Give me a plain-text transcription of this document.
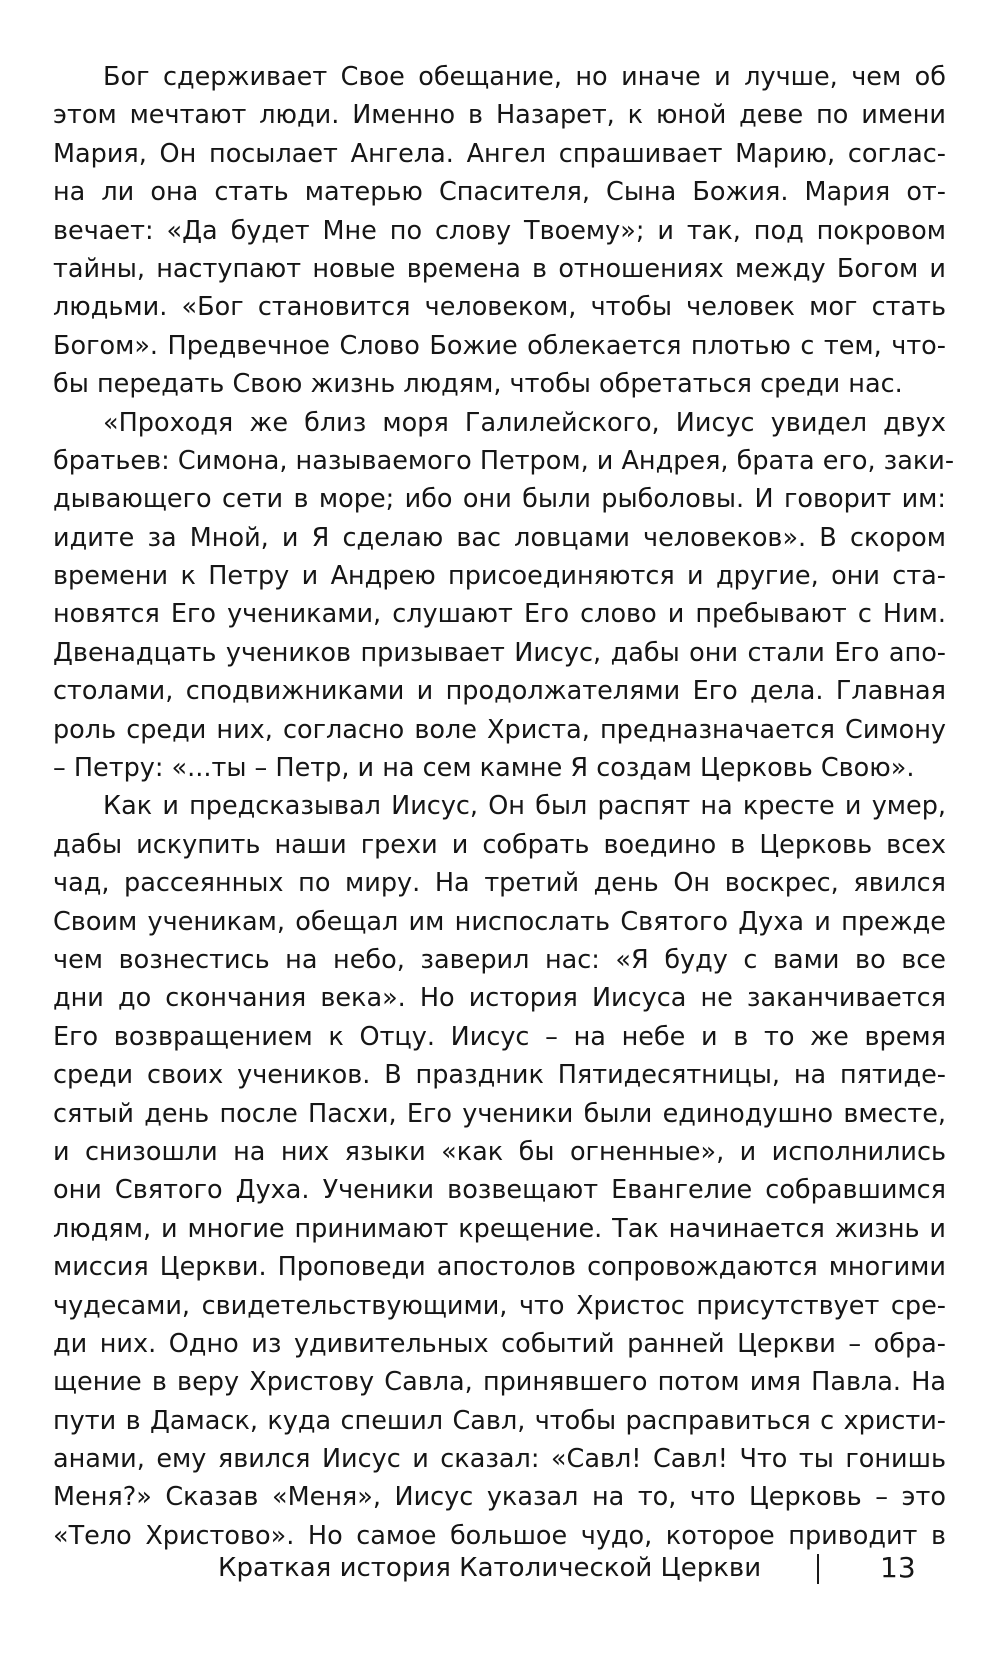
Бог сдерживает Свое обещание, но иначе и лучше, чем об
этом мечтают люди. Именно в Назарет, к юной деве по имени
Мария, Он посылает Ангела. Ангел спрашивает Марию, соглас-
на ли она стать матерью Спасителя, Сына Божия. Мария от-
вечает: «Да будет Мне по слову Твоему»; и так, под покровом
тайны, наступают новые времена в отношениях между Богом и
людьми. «Бог становится человеком, чтобы человек мог стать
Богом». Предвечное Слово Божие облекается плотью с тем, что-
бы передать Свою жизнь людям, чтобы обретаться среди нас.
«Проходя же близ моря Галилейского, Иисус увидел двух
братьев: Симона, называемого Петром, и Андрея, брата его, заки-
дывающего сети в море; ибо они были рыболовы. И говорит им:
идите за Мной, и Я сделаю вас ловцами человеков». В скором
времени к Петру и Андрею присоединяются и другие, они ста-
новятся Его учениками, слушают Его слово и пребывают с Ним.
Двенадцать учеников призывает Иисус, дабы они стали Его апо-
столами, сподвижниками и продолжателями Его дела. Главная
роль среди них, согласно воле Христа, предназначается Симону
– Петру: «...ты – Петр, и на сем камне Я создам Церковь Свою».
Как и предсказывал Иисус, Он был распят на кресте и умер,
дабы искупить наши грехи и собрать воедино в Церковь всех
чад, рассеянных по миру. На третий день Он воскрес, явился
Своим ученикам, обещал им ниспослать Святого Духа и прежде
чем вознестись на небо, заверил нас: «Я буду с вами во все
дни до скончания века». Но история Иисуса не заканчивается
Его возвращением к Отцу. Иисус – на небе и в то же время
среди своих учеников. В праздник Пятидесятницы, на пятиде-
сятый день после Пасхи, Его ученики были единодушно вместе,
и снизошли на них языки «как бы огненные», и исполнились
они Святого Духа. Ученики возвещают Евангелие собравшимся
людям, и многие принимают крещение. Так начинается жизнь и
миссия Церкви. Проповеди апостолов сопровождаются многими
чудесами, свидетельствующими, что Христос присутствует сре-
ди них. Одно из удивительных событий ранней Церкви – обра-
щение в веру Христову Савла, принявшего потом имя Павла. На
пути в Дамаск, куда спешил Савл, чтобы расправиться с христи-
анами, ему явился Иисус и сказал: «Савл! Савл! Что ты гонишь
Меня?» Сказав «Меня», Иисус указал на то, что Церковь – это
«Тело Христово». Но самое большое чудо, которое приводит в
Краткая история Католической Церкви	13
